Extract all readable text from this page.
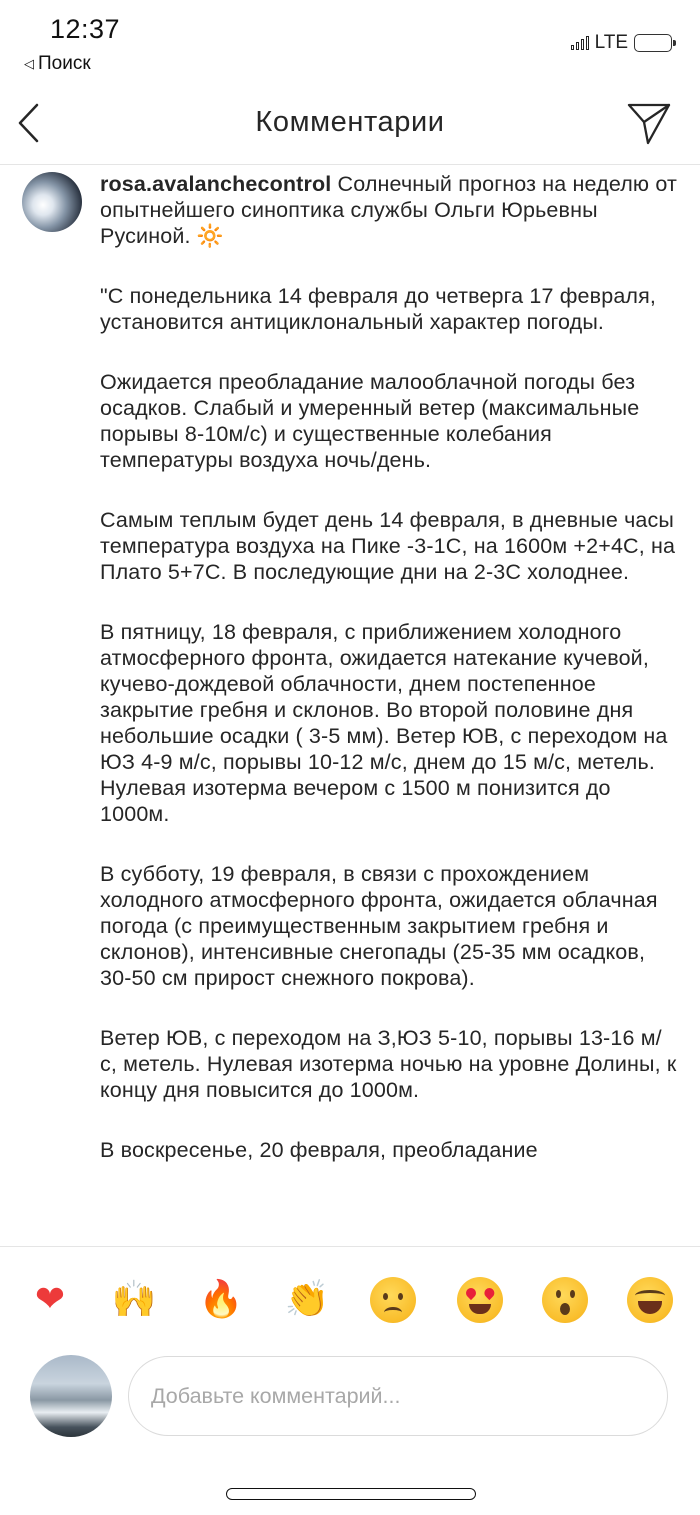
12:37
◁ Поиск
LTE
Комментарии

rosa.avalanchecontrol Солнечный прогноз на неделю от опытнейшего синоптика службы Ольги Юрьевны Русиной. 🔆

"С понедельника 14 февраля до четверга 17 февраля, установится антициклональный характер погоды.

Ожидается преобладание малооблачной погоды без осадков. Слабый и умеренный ветер (максимальные порывы 8-10м/с) и существенные колебания температуры воздуха ночь/день.

Самым теплым будет день 14 февраля, в дневные часы температура воздуха на Пике -3-1С, на 1600м +2+4С, на Плато 5+7С. В последующие дни на 2-3С холоднее.

В пятницу, 18 февраля, с приближением холодного атмосферного фронта, ожидается натекание кучевой, кучево-дождевой облачности, днем постепенное закрытие гребня и склонов. Во второй половине дня небольшие осадки ( 3-5 мм). Ветер ЮВ, с переходом на ЮЗ 4-9 м/с, порывы 10-12 м/с, днем до 15 м/с, метель. Нулевая изотерма вечером с 1500 м понизится до 1000м.

В субботу, 19 февраля, в связи с прохождением холодного атмосферного фронта, ожидается облачная погода (с преимущественным закрытием гребня и склонов), интенсивные снегопады (25-35 мм осадков, 30-50 см прирост снежного покрова).

Ветер ЮВ, с переходом на З,ЮЗ 5-10, порывы 13-16 м/с, метель. Нулевая изотерма ночью на уровне Долины, к концу дня повысится до 1000м.

В воскресенье, 20 февраля, преобладание

❤ 🙌 🔥 👏
Добавьте комментарий...
